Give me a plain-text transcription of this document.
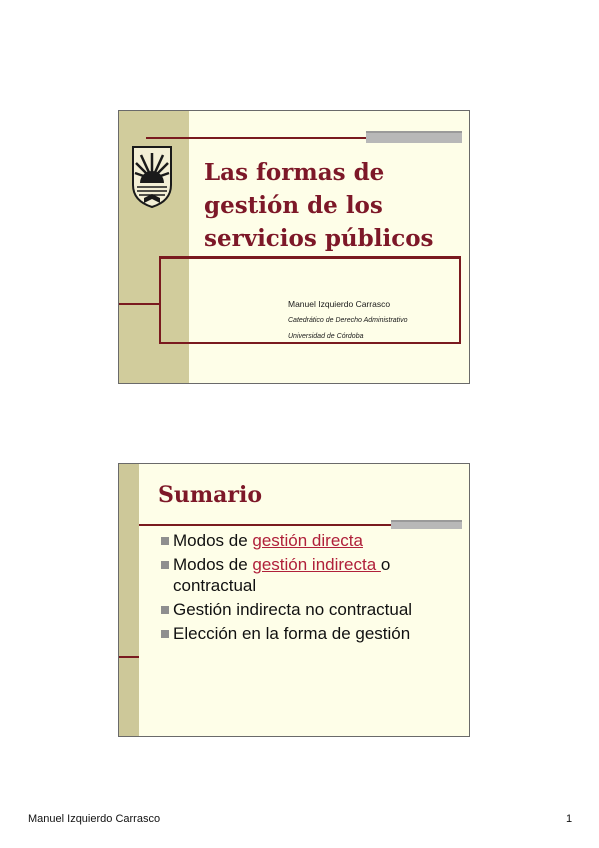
Las formas de gestión de los servicios públicos
Manuel Izquierdo Carrasco
Catedrático de Derecho Administrativo
Universidad de Córdoba
Sumario
Modos de gestión directa
Modos de gestión indirecta o contractual
Gestión indirecta no contractual
Elección en la forma de gestión
Manuel Izquierdo Carrasco	1
